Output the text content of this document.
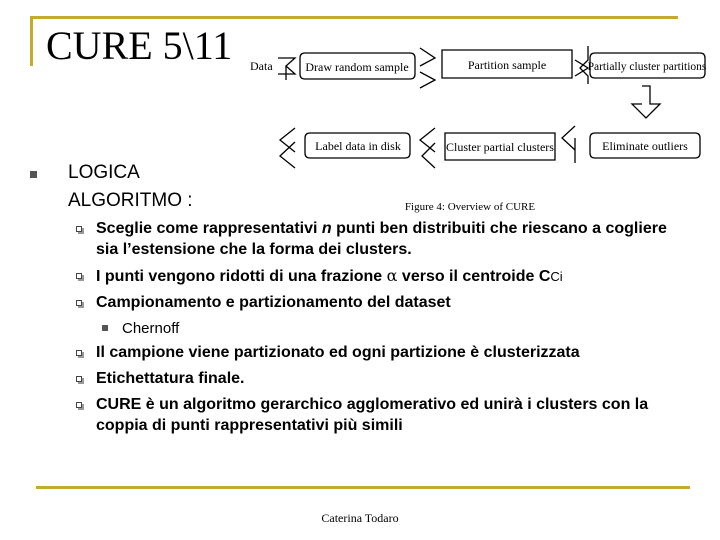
CURE 5\11 Data	Draw random sample	Partition sample	Partially cluster partitions
Eliminate outliers
Cluster partial clusters
Label data in disk
Figure 4: Overview of CURE
LOGICA
ALGORITMO :
Sceglie come rappresentativi n punti ben distribuiti che riescano a cogliere sia l’estensione che la forma dei clusters.
I punti vengono ridotti di una frazione α verso il centroide CCi
Campionamento e partizionamento del dataset
Chernoff
Il campione viene partizionato ed ogni partizione è clusterizzata
Etichettatura finale.
CURE è un algoritmo gerarchico agglomerativo ed unirà i clusters con la coppia di punti rappresentativi più simili
Caterina Todaro
